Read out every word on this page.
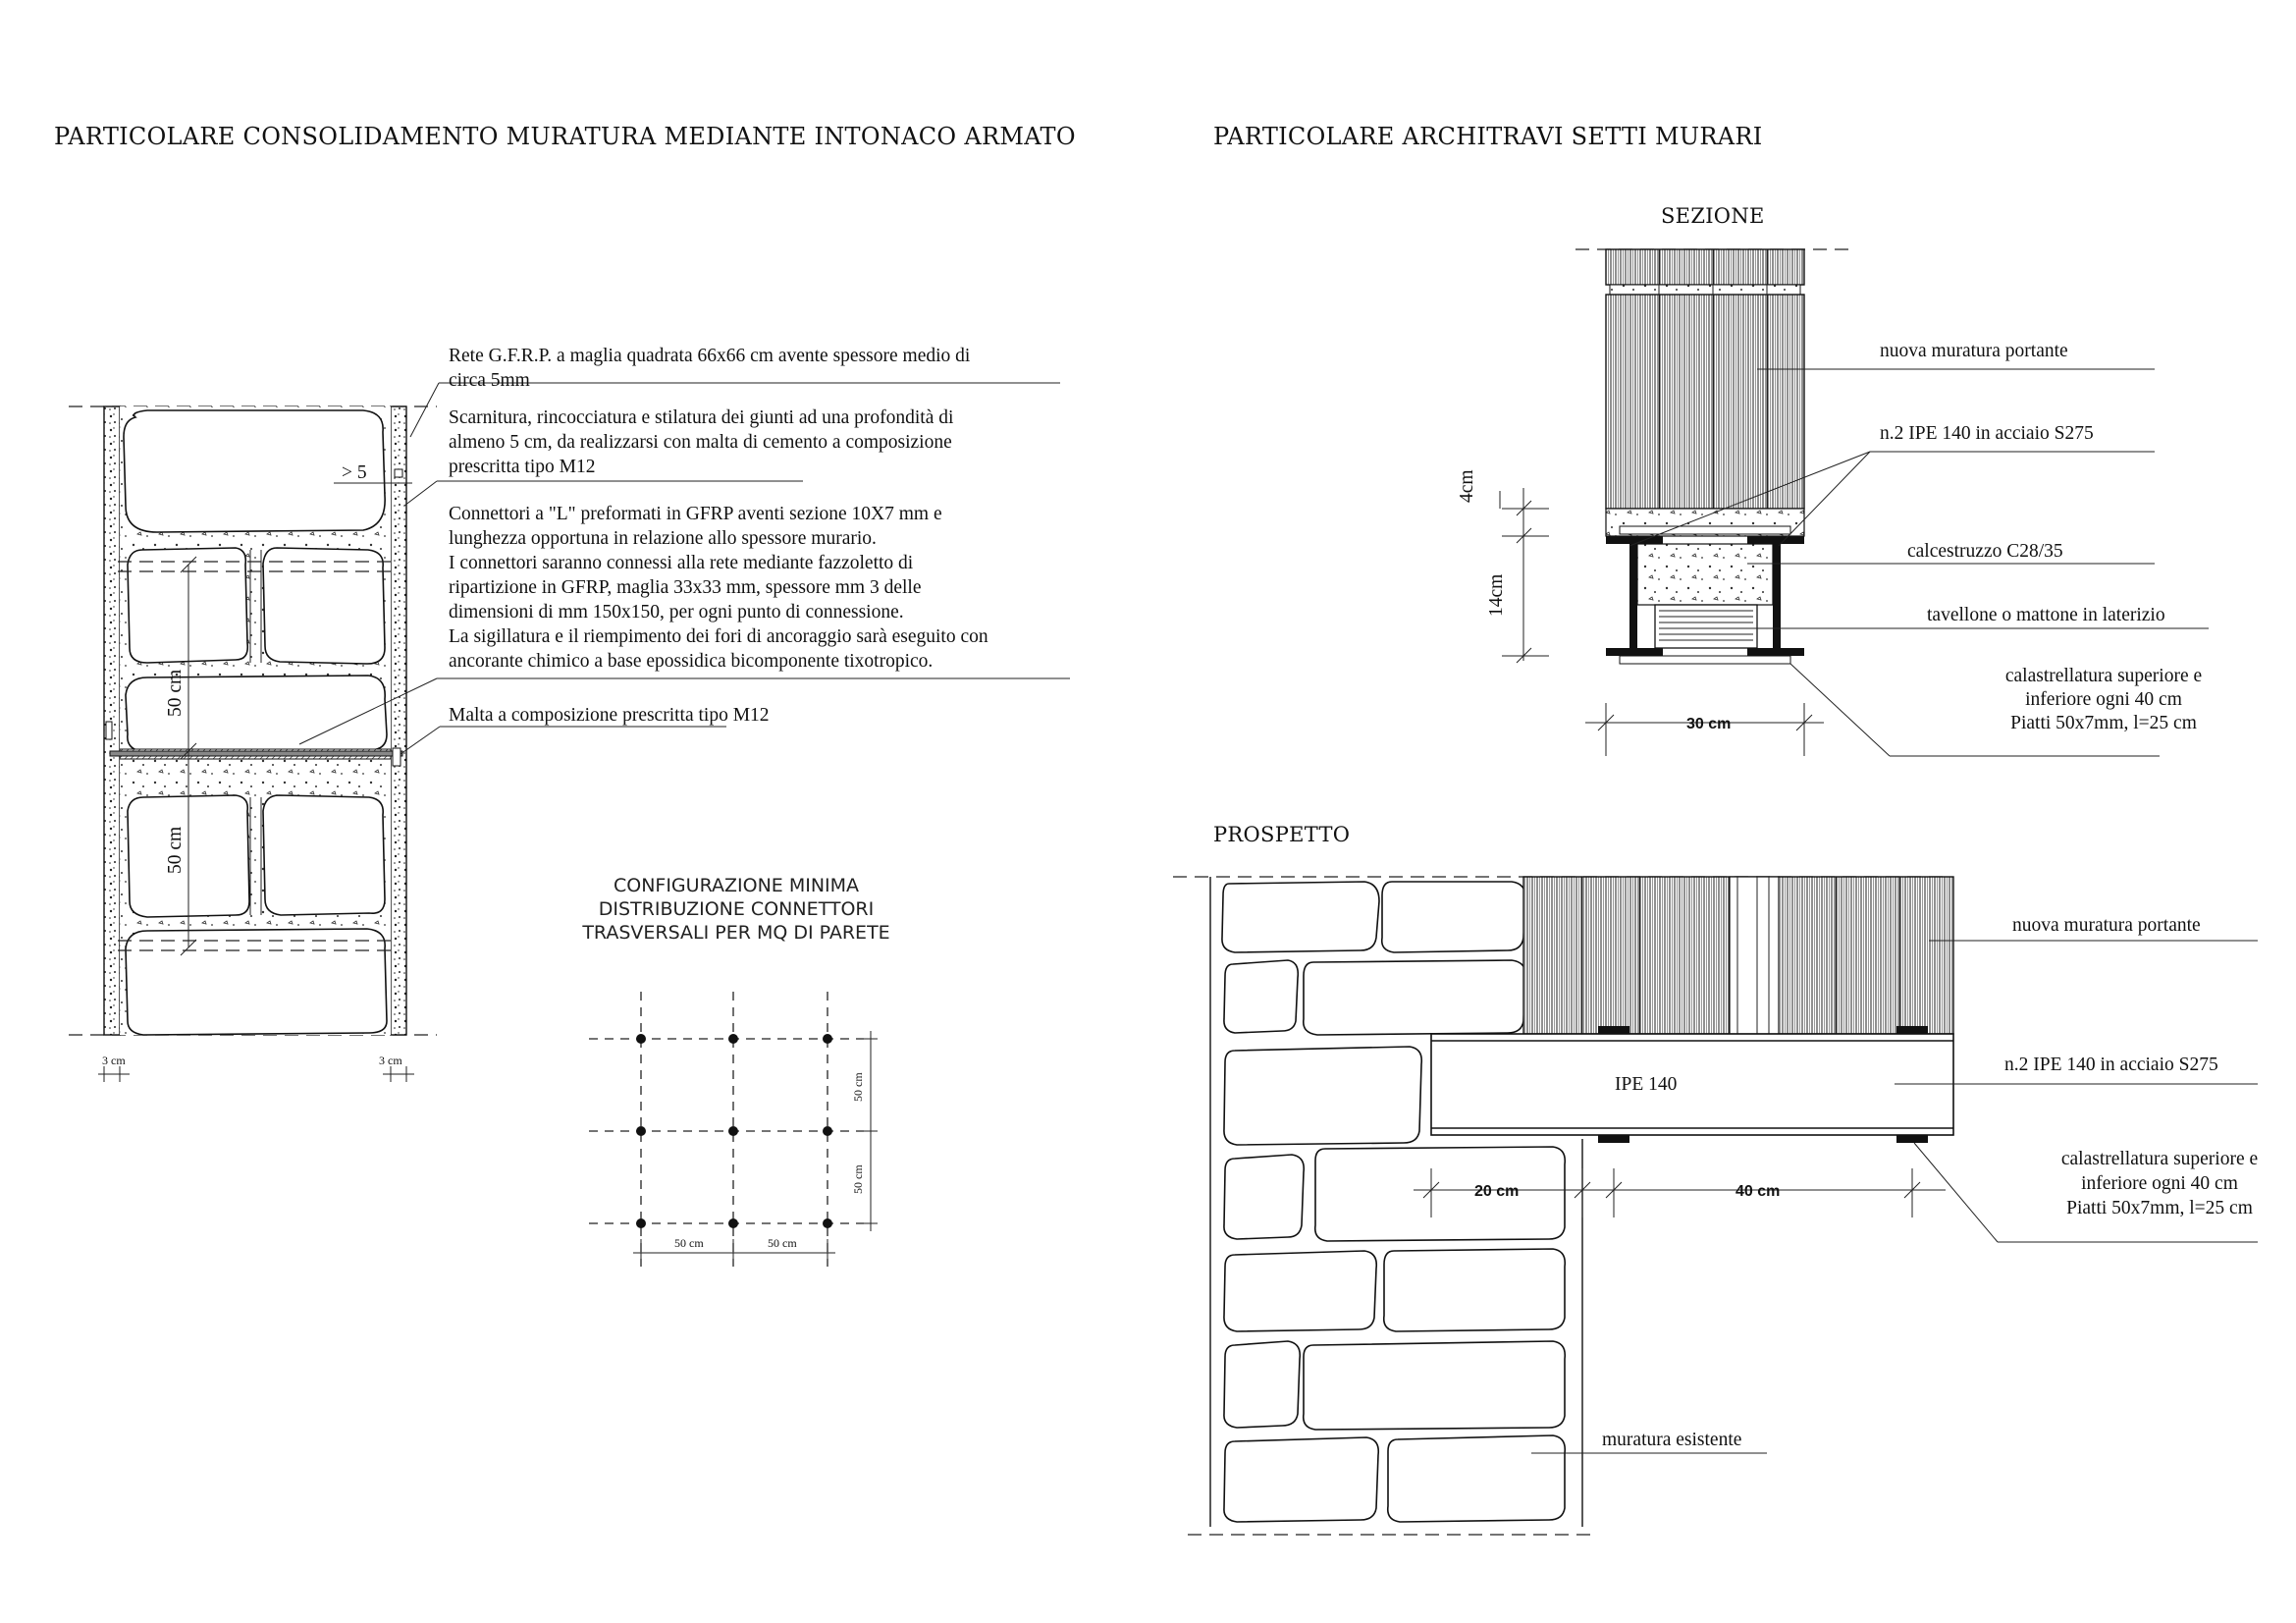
PARTICOLARE CONSOLIDAMENTO MURATURA MEDIANTE INTONACO ARMATO	PARTICOLARE ARCHITRAVI SETTI MURARI
50 cm
50 cm
> 5
3 cm	3 cm
Rete G.F.R.P. a maglia quadrata 66x66 cm avente spessore medio di
circa 5mm
Scarnitura, rincocciatura e stilatura dei giunti ad una profondità di
almeno 5 cm, da realizzarsi con malta di cemento a composizione
prescritta tipo M12
Connettori a "L" preformati in GFRP aventi sezione 10X7 mm e
lunghezza opportuna in relazione allo spessore murario.
I connettori saranno connessi alla rete mediante fazzoletto di
ripartizione in GFRP, maglia 33x33 mm, spessore mm 3 delle
dimensioni di mm 150x150, per ogni punto di connessione.
La sigillatura e il riempimento dei fori di ancoraggio sarà eseguito con
ancorante chimico a base epossidica bicomponente tixotropico.
Malta a composizione prescritta tipo M12
CONFIGURAZIONE MINIMA
DISTRIBUZIONE CONNETTORI
TRASVERSALI PER MQ DI PARETE
50 cm	50 cm
50 cm
50 cm
SEZIONE
4cm
14cm
30 cm
nuova muratura portante
n.2 IPE 140 in acciaio S275
calcestruzzo C28/35
tavellone o mattone in laterizio
calastrellatura superiore e
inferiore ogni 40 cm
Piatti 50x7mm, l=25 cm
PROSPETTO
IPE 140
20 cm	40 cm
nuova muratura portante
n.2 IPE 140 in acciaio S275
calastrellatura superiore e
inferiore ogni 40 cm
Piatti 50x7mm, l=25 cm
muratura esistente
